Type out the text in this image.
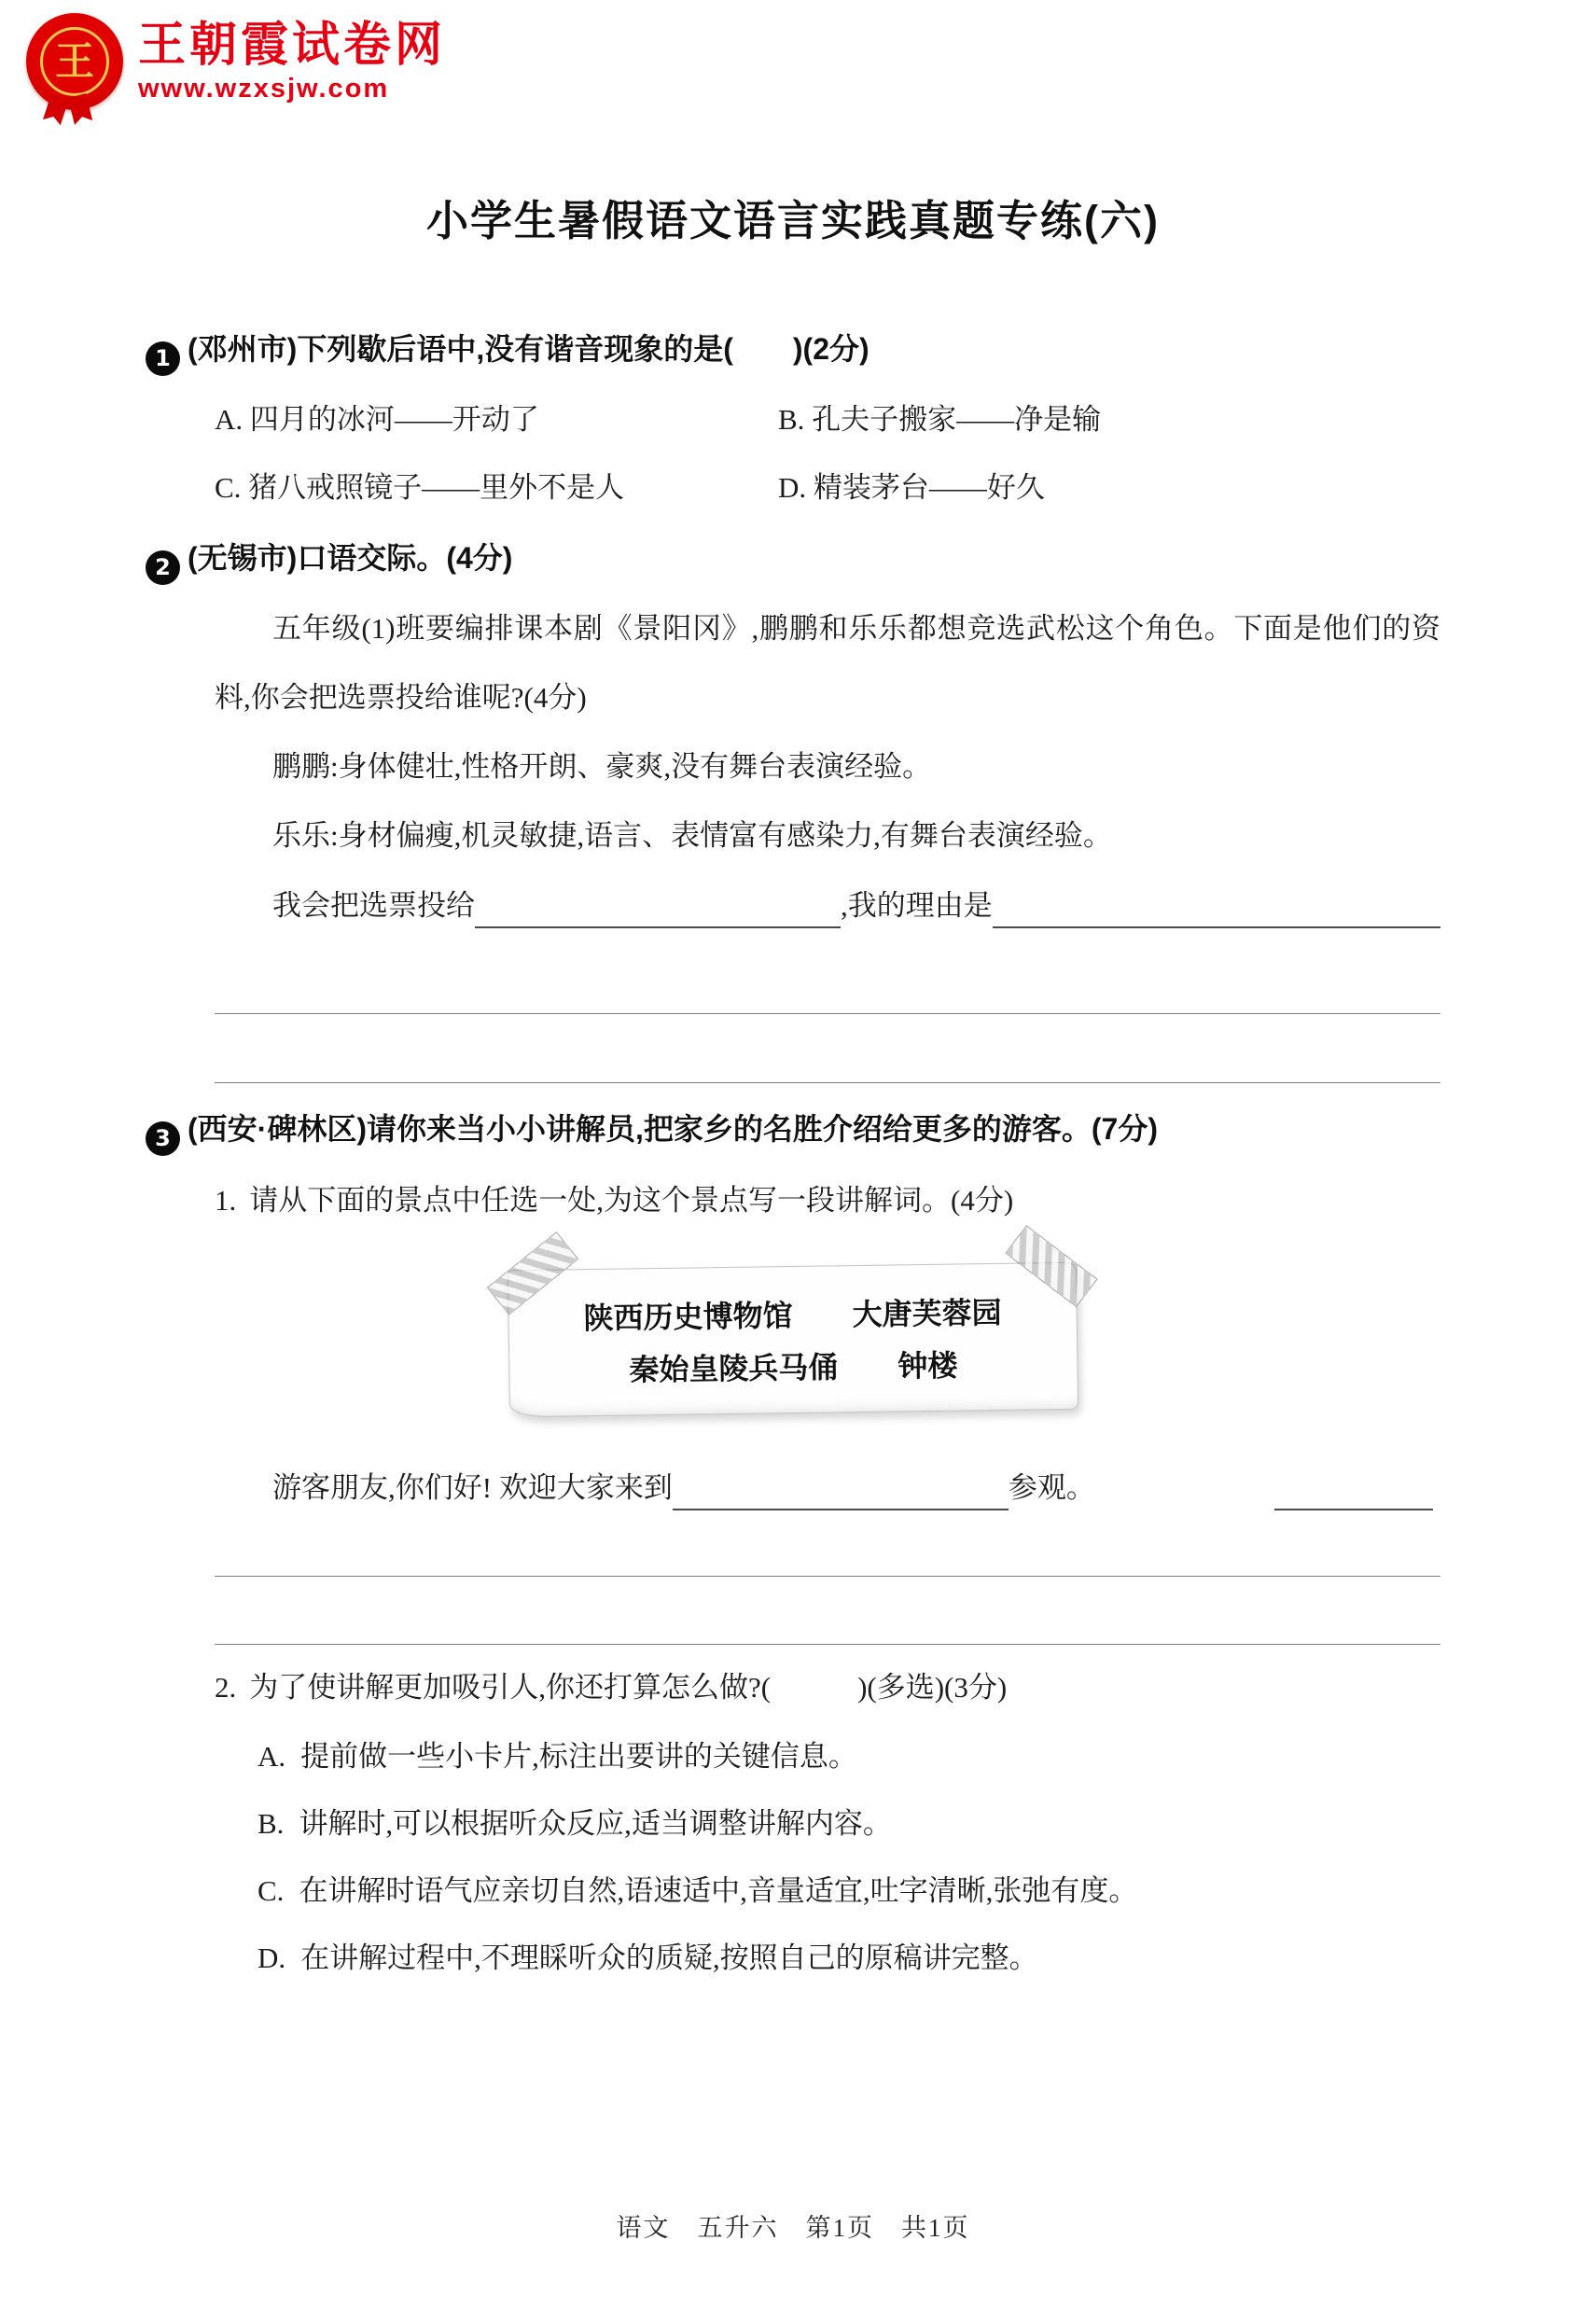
王 王朝霞试卷网
www.wzxsjw.com
小学生暑假语文语言实践真题专练(六)
1 (邓州市)下列歇后语中,没有谐音现象的是(　　)(2分)
A. 四月的冰河——开动了	B. 孔夫子搬家——净是输
C. 猪八戒照镜子——里外不是人	D. 精装茅台——好久
2 (无锡市)口语交际。(4分)

五年级(1)班要编排课本剧《景阳冈》,鹏鹏和乐乐都想竞选武松这个角色。下面是他们的资料,你会把选票投给谁呢?(4分)

鹏鹏:身体健壮,性格开朗、豪爽,没有舞台表演经验。

乐乐:身材偏瘦,机灵敏捷,语言、表情富有感染力,有舞台表演经验。

我会把选票投给	,我的理由是
3 (西安·碑林区)请你来当小小讲解员,把家乡的名胜介绍给更多的游客。(7分)
1. 请从下面的景点中任选一处,为这个景点写一段讲解词。(4分)
陕西历史博物馆　　大唐芙蓉园
秦始皇陵兵马俑　　钟楼
游客朋友,你们好! 欢迎大家来到	参观。
2. 为了使讲解更加吸引人,你还打算怎么做?(　　　)(多选)(3分)
A. 提前做一些小卡片,标注出要讲的关键信息。
B. 讲解时,可以根据听众反应,适当调整讲解内容。
C. 在讲解时语气应亲切自然,语速适中,音量适宜,吐字清晰,张弛有度。
D. 在讲解过程中,不理睬听众的质疑,按照自己的原稿讲完整。
语文　五升六　第1页　共1页
